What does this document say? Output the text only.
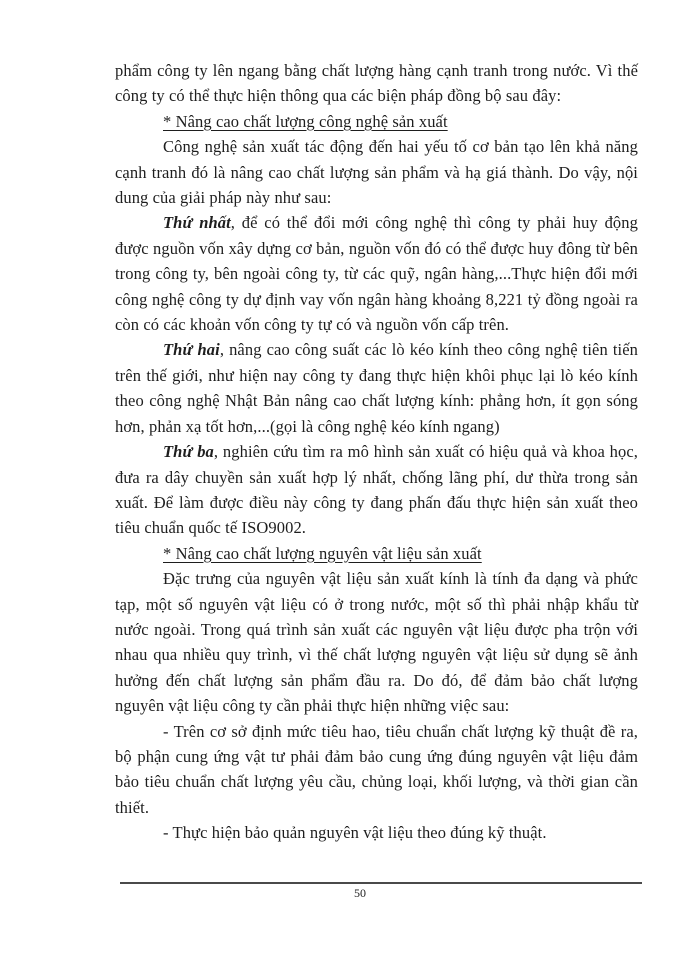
phẩm công ty lên ngang bằng chất lượng hàng cạnh tranh trong nước. Vì thế công ty có thể thực hiện thông qua các biện pháp đồng bộ sau đây:

* Nâng cao chất lượng công nghệ sản xuất

Công nghệ sản xuất tác động đến hai yếu tố cơ bản tạo lên khả năng cạnh tranh đó là nâng cao chất lượng sản phẩm và hạ giá thành. Do vậy, nội dung của giải pháp này như sau:

Thứ nhất, để có thể đổi mới công nghệ thì công ty phải huy động được nguồn vốn xây dựng cơ bản, nguồn vốn đó có thể được huy đông từ bên trong công ty, bên ngoài công ty, từ các quỹ, ngân hàng,...Thực hiện đổi mới công nghệ công ty dự định vay vốn ngân hàng khoảng 8,221 tỷ đồng ngoài ra còn có các khoản vốn công ty tự có và nguồn vốn cấp trên.

Thứ hai, nâng cao công suất các lò kéo kính theo công nghệ tiên tiến trên thế giới, như hiện nay công ty đang thực hiện khôi phục lại lò kéo kính theo công nghệ Nhật Bản nâng cao chất lượng kính: phẳng hơn, ít gọn sóng hơn, phản xạ tốt hơn,...(gọi là công nghệ kéo kính ngang)

Thứ ba, nghiên cứu tìm ra mô hình sản xuất có hiệu quả và khoa học, đưa ra dây chuyền sản xuất hợp lý nhất, chống lãng phí, dư thừa trong sản xuất. Để làm được điều này công ty đang phấn đấu thực hiện sản xuất theo tiêu chuẩn quốc tế ISO9002.

* Nâng cao chất lượng nguyên vật liệu sản xuất

Đặc trưng của nguyên vật liệu sản xuất kính là tính đa dạng và phức tạp, một số nguyên vật liệu có ở trong nước, một số thì phải nhập khẩu từ nước ngoài. Trong quá trình sản xuất các nguyên vật liệu được pha trộn với nhau qua nhiều quy trình, vì thế chất lượng nguyên vật liệu sử dụng sẽ ảnh hưởng đến chất lượng sản phẩm đầu ra. Do đó, để đảm bảo chất lượng nguyên vật liệu công ty cần phải thực hiện những việc sau:

- Trên cơ sở định mức tiêu hao, tiêu chuẩn chất lượng kỹ thuật đề ra, bộ phận cung ứng vật tư phải đảm bảo cung ứng đúng nguyên vật liệu đảm bảo tiêu chuẩn chất lượng yêu cầu, chủng loại, khối lượng, và thời gian cần thiết.

- Thực hiện bảo quản nguyên vật liệu theo đúng kỹ thuật.

50
